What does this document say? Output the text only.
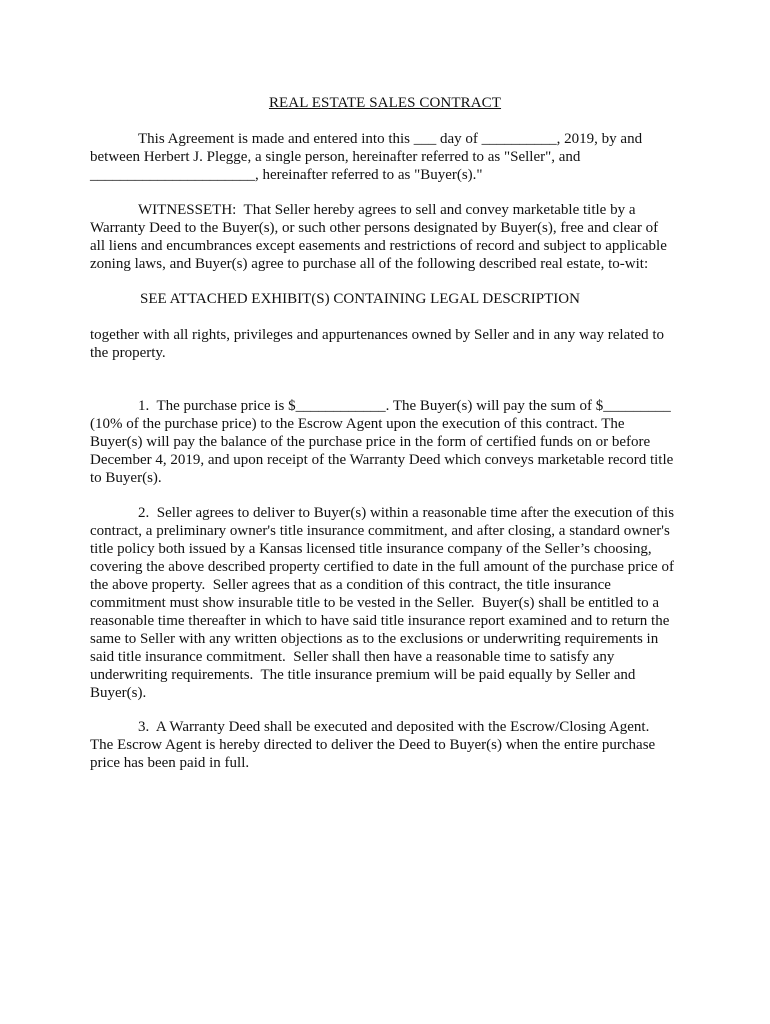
REAL ESTATE SALES CONTRACT
This Agreement is made and entered into this ___ day of __________, 2019, by and
between Herbert J. Plegge, a single person, hereinafter referred to as "Seller", and
______________________, hereinafter referred to as "Buyer(s)."
WITNESSETH:  That Seller hereby agrees to sell and convey marketable title by a
Warranty Deed to the Buyer(s), or such other persons designated by Buyer(s), free and clear of
all liens and encumbrances except easements and restrictions of record and subject to applicable
zoning laws, and Buyer(s) agree to purchase all of the following described real estate, to-wit:
SEE ATTACHED EXHIBIT(S) CONTAINING LEGAL DESCRIPTION
together with all rights, privileges and appurtenances owned by Seller and in any way related to
the property.
1.  The purchase price is $____________. The Buyer(s) will pay the sum of $_________
(10% of the purchase price) to the Escrow Agent upon the execution of this contract. The
Buyer(s) will pay the balance of the purchase price in the form of certified funds on or before
December 4, 2019, and upon receipt of the Warranty Deed which conveys marketable record title
to Buyer(s).
2.  Seller agrees to deliver to Buyer(s) within a reasonable time after the execution of this
contract, a preliminary owner's title insurance commitment, and after closing, a standard owner's
title policy both issued by a Kansas licensed title insurance company of the Seller’s choosing,
covering the above described property certified to date in the full amount of the purchase price of
the above property.  Seller agrees that as a condition of this contract, the title insurance
commitment must show insurable title to be vested in the Seller.  Buyer(s) shall be entitled to a
reasonable time thereafter in which to have said title insurance report examined and to return the
same to Seller with any written objections as to the exclusions or underwriting requirements in
said title insurance commitment.  Seller shall then have a reasonable time to satisfy any
underwriting requirements.  The title insurance premium will be paid equally by Seller and
Buyer(s).
3.  A Warranty Deed shall be executed and deposited with the Escrow/Closing Agent.
The Escrow Agent is hereby directed to deliver the Deed to Buyer(s) when the entire purchase
price has been paid in full.
